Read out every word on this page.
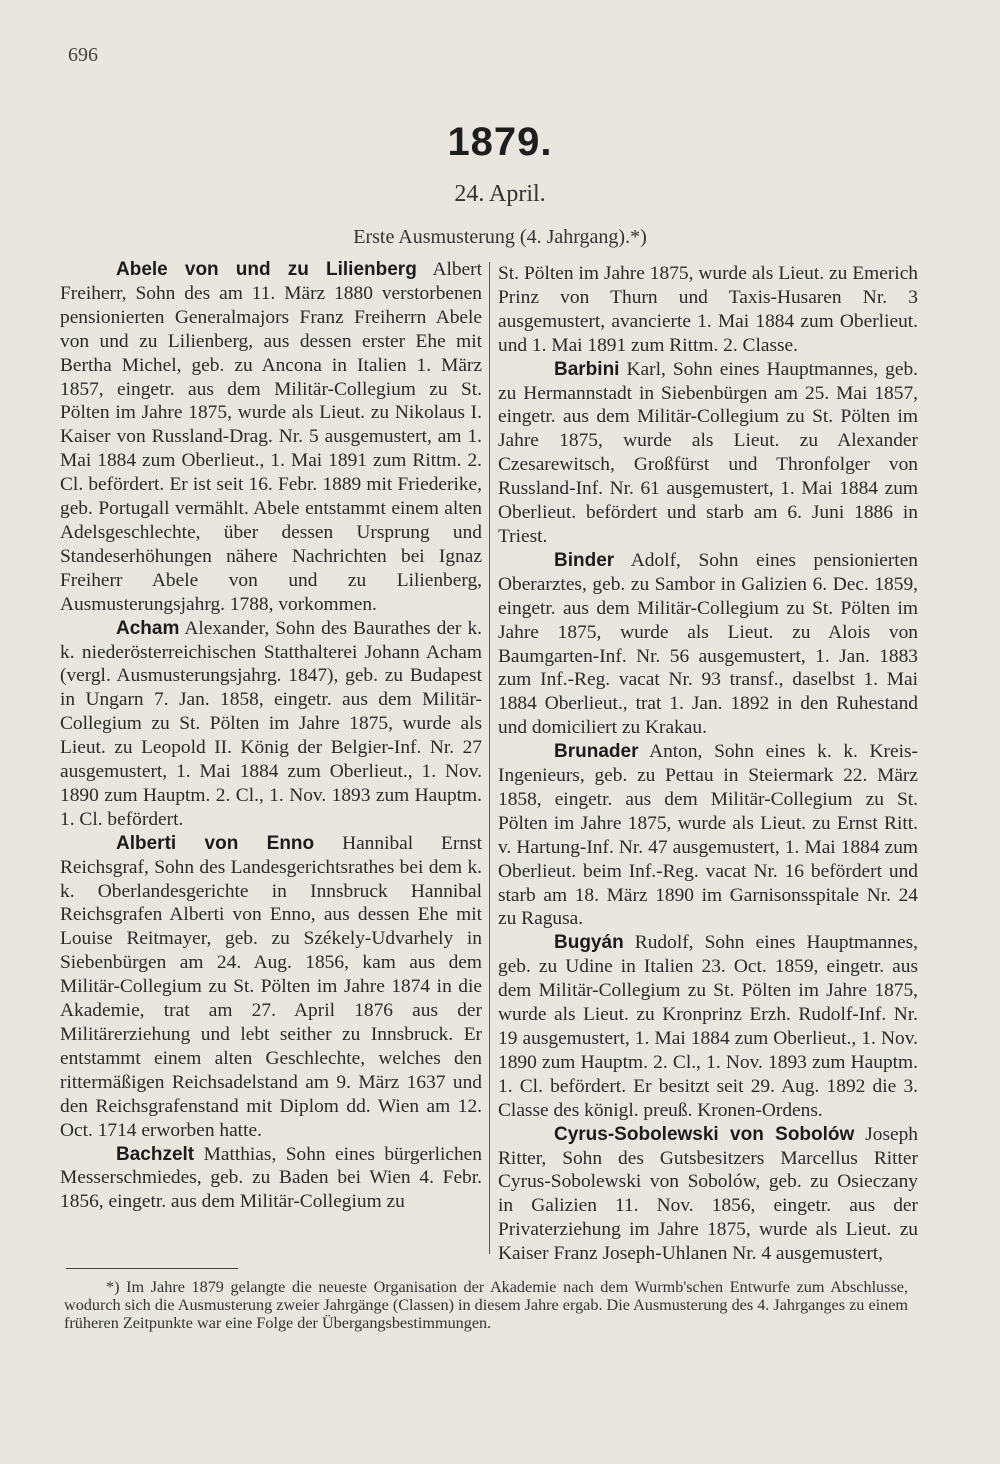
696
1879.
24. April.
Erste Ausmusterung (4. Jahrgang).*)

Abele von und zu Lilienberg Albert Freiherr, Sohn des am 11. März 1880 verstorbenen pensionierten Generalmajors Franz Freiherrn Abele von und zu Lilienberg, aus dessen erster Ehe mit Bertha Michel, geb. zu Ancona in Italien 1. März 1857, eingetr. aus dem Militär-Collegium zu St. Pölten im Jahre 1875, wurde als Lieut. zu Nikolaus I. Kaiser von Russland-Drag. Nr. 5 ausgemustert, am 1. Mai 1884 zum Oberlieut., 1. Mai 1891 zum Rittm. 2. Cl. befördert. Er ist seit 16. Febr. 1889 mit Friederike, geb. Portugall vermählt. Abele entstammt einem alten Adelsgeschlechte, über dessen Ursprung und Standeserhöhungen nähere Nachrichten bei Ignaz Freiherr Abele von und zu Lilienberg, Ausmusterungsjahrg. 1788, vorkommen.

Acham Alexander, Sohn des Baurathes der k. k. niederösterreichischen Statthalterei Johann Acham (vergl. Ausmusterungsjahrg. 1847), geb. zu Budapest in Ungarn 7. Jan. 1858, eingetr. aus dem Militär-Collegium zu St. Pölten im Jahre 1875, wurde als Lieut. zu Leopold II. König der Belgier-Inf. Nr. 27 ausgemustert, 1. Mai 1884 zum Oberlieut., 1. Nov. 1890 zum Hauptm. 2. Cl., 1. Nov. 1893 zum Hauptm. 1. Cl. befördert.

Alberti von Enno Hannibal Ernst Reichsgraf, Sohn des Landesgerichtsrathes bei dem k. k. Oberlandesgerichte in Innsbruck Hannibal Reichsgrafen Alberti von Enno, aus dessen Ehe mit Louise Reitmayer, geb. zu Székely-Udvarhely in Siebenbürgen am 24. Aug. 1856, kam aus dem Militär-Collegium zu St. Pölten im Jahre 1874 in die Akademie, trat am 27. April 1876 aus der Militärerziehung und lebt seither zu Innsbruck. Er entstammt einem alten Geschlechte, welches den rittermäßigen Reichsadelstand am 9. März 1637 und den Reichsgrafenstand mit Diplom dd. Wien am 12. Oct. 1714 erworben hatte.

Bachzelt Matthias, Sohn eines bürgerlichen Messerschmiedes, geb. zu Baden bei Wien 4. Febr. 1856, eingetr. aus dem Militär-Collegium zu

St. Pölten im Jahre 1875, wurde als Lieut. zu Emerich Prinz von Thurn und Taxis-Husaren Nr. 3 ausgemustert, avancierte 1. Mai 1884 zum Oberlieut. und 1. Mai 1891 zum Rittm. 2. Classe.

Barbini Karl, Sohn eines Hauptmannes, geb. zu Hermannstadt in Siebenbürgen am 25. Mai 1857, eingetr. aus dem Militär-Collegium zu St. Pölten im Jahre 1875, wurde als Lieut. zu Alexander Czesarewitsch, Großfürst und Thronfolger von Russland-Inf. Nr. 61 ausgemustert, 1. Mai 1884 zum Oberlieut. befördert und starb am 6. Juni 1886 in Triest.

Binder Adolf, Sohn eines pensionierten Oberarztes, geb. zu Sambor in Galizien 6. Dec. 1859, eingetr. aus dem Militär-Collegium zu St. Pölten im Jahre 1875, wurde als Lieut. zu Alois von Baumgarten-Inf. Nr. 56 ausgemustert, 1. Jan. 1883 zum Inf.-Reg. vacat Nr. 93 transf., daselbst 1. Mai 1884 Oberlieut., trat 1. Jan. 1892 in den Ruhestand und domiciliert zu Krakau.

Brunader Anton, Sohn eines k. k. Kreis-Ingenieurs, geb. zu Pettau in Steiermark 22. März 1858, eingetr. aus dem Militär-Collegium zu St. Pölten im Jahre 1875, wurde als Lieut. zu Ernst Ritt. v. Hartung-Inf. Nr. 47 ausgemustert, 1. Mai 1884 zum Oberlieut. beim Inf.-Reg. vacat Nr. 16 befördert und starb am 18. März 1890 im Garnisonsspitale Nr. 24 zu Ragusa.

Bugyán Rudolf, Sohn eines Hauptmannes, geb. zu Udine in Italien 23. Oct. 1859, eingetr. aus dem Militär-Collegium zu St. Pölten im Jahre 1875, wurde als Lieut. zu Kronprinz Erzh. Rudolf-Inf. Nr. 19 ausgemustert, 1. Mai 1884 zum Oberlieut., 1. Nov. 1890 zum Hauptm. 2. Cl., 1. Nov. 1893 zum Hauptm. 1. Cl. befördert. Er besitzt seit 29. Aug. 1892 die 3. Classe des königl. preuß. Kronen-Ordens.

Cyrus-Sobolewski von Sobolów Joseph Ritter, Sohn des Gutsbesitzers Marcellus Ritter Cyrus-Sobolewski von Sobolów, geb. zu Osieczany in Galizien 11. Nov. 1856, eingetr. aus der Privaterziehung im Jahre 1875, wurde als Lieut. zu Kaiser Franz Joseph-Uhlanen Nr. 4 ausgemustert,

*) Im Jahre 1879 gelangte die neueste Organisation der Akademie nach dem Wurmb'schen Entwurfe zum Abschlusse, wodurch sich die Ausmusterung zweier Jahrgänge (Classen) in diesem Jahre ergab. Die Ausmusterung des 4. Jahrganges zu einem früheren Zeitpunkte war eine Folge der Übergangsbestimmungen.
